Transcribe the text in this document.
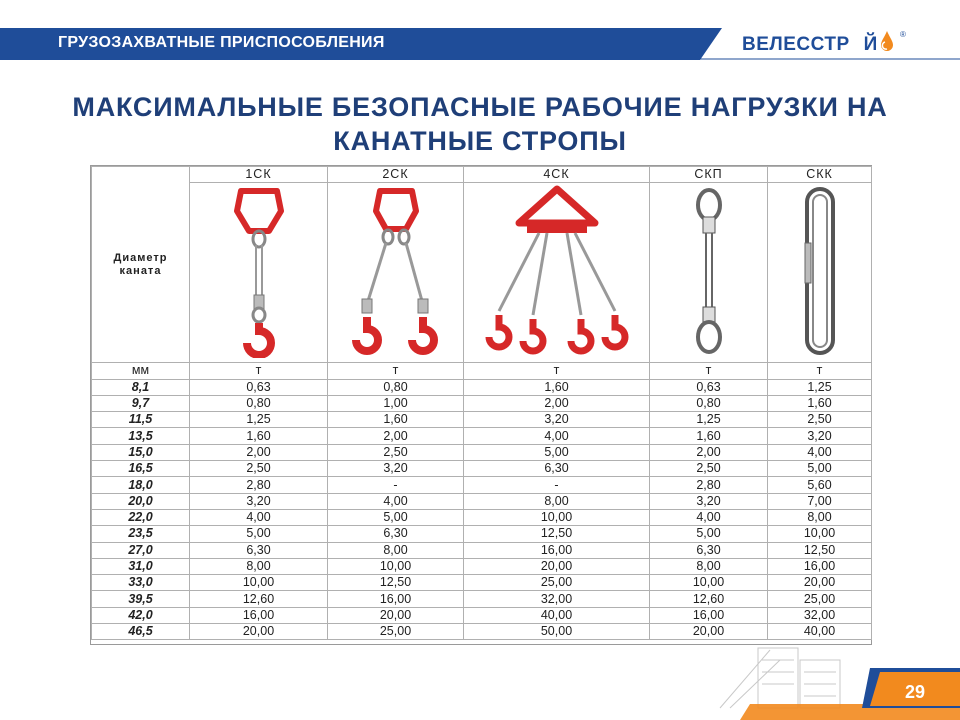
ГРУЗОЗАХВАТНЫЕ ПРИСПОСОБЛЕНИЯ	ВЕЛЕССТР Й	®
МАКСИМАЛЬНЫЕ БЕЗОПАСНЫЕ РАБОЧИЕ НАГРУЗКИ НА
КАНАТНЫЕ СТРОПЫ
Диаметр
каната	1СК	2СК	4СК	СКП	СКК

мм	т	т	т	т	т
8,1	0,63	0,80	1,60	0,63	1,25
9,7	0,80	1,00	2,00	0,80	1,60
11,5	1,25	1,60	3,20	1,25	2,50
13,5	1,60	2,00	4,00	1,60	3,20
15,0	2,00	2,50	5,00	2,00	4,00
16,5	2,50	3,20	6,30	2,50	5,00
18,0	2,80	-	-	2,80	5,60
20,0	3,20	4,00	8,00	3,20	7,00
22,0	4,00	5,00	10,00	4,00	8,00
23,5	5,00	6,30	12,50	5,00	10,00
27,0	6,30	8,00	16,00	6,30	12,50
31,0	8,00	10,00	20,00	8,00	16,00
33,0	10,00	12,50	25,00	10,00	20,00
39,5	12,60	16,00	32,00	12,60	25,00
42,0	16,00	20,00	40,00	16,00	32,00
46,5	20,00	25,00	50,00	20,00	40,00
29
